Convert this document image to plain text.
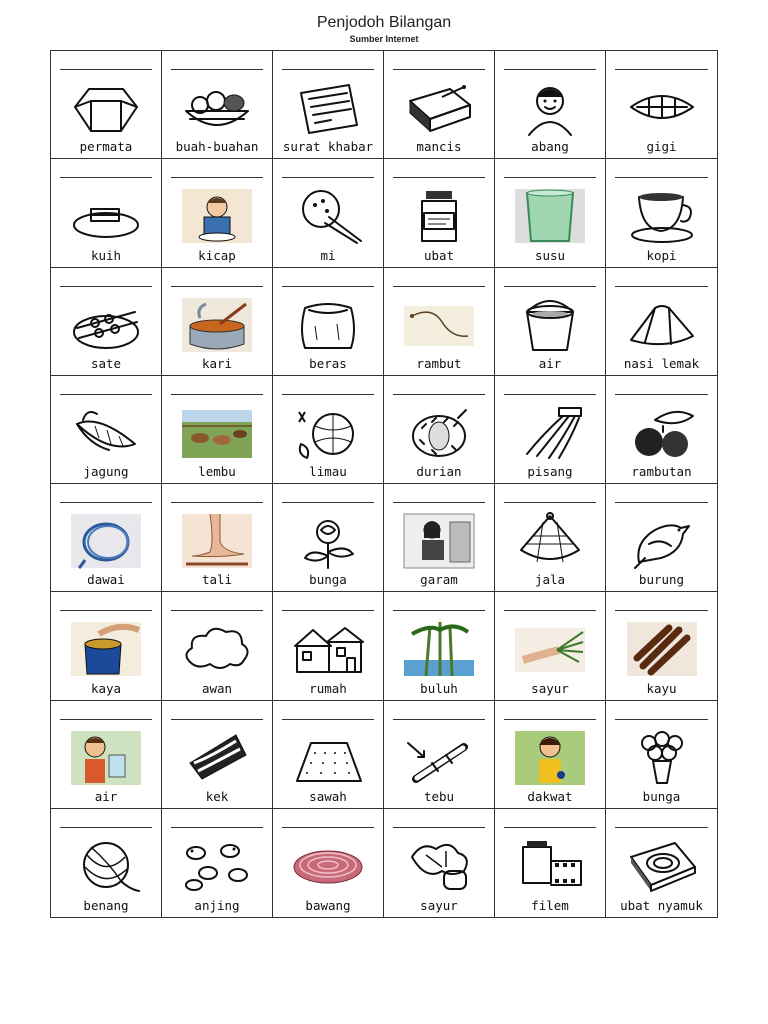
Penjodoh Bilangan
Sumber Internet
permata	buah-buahan	surat khabar	mancis	abang	gigi
kuih	kicap	mi	ubat	susu	kopi
sate	kari	beras	rambut	air	nasi lemak
jagung	lembu	limau	durian	pisang	rambutan
dawai	tali	bunga	garam	jala	burung
kaya	awan	rumah	buluh	sayur	kayu
air	kek	sawah	tebu	dakwat	bunga
benang	anjing	bawang	sayur	filem	ubat nyamuk
